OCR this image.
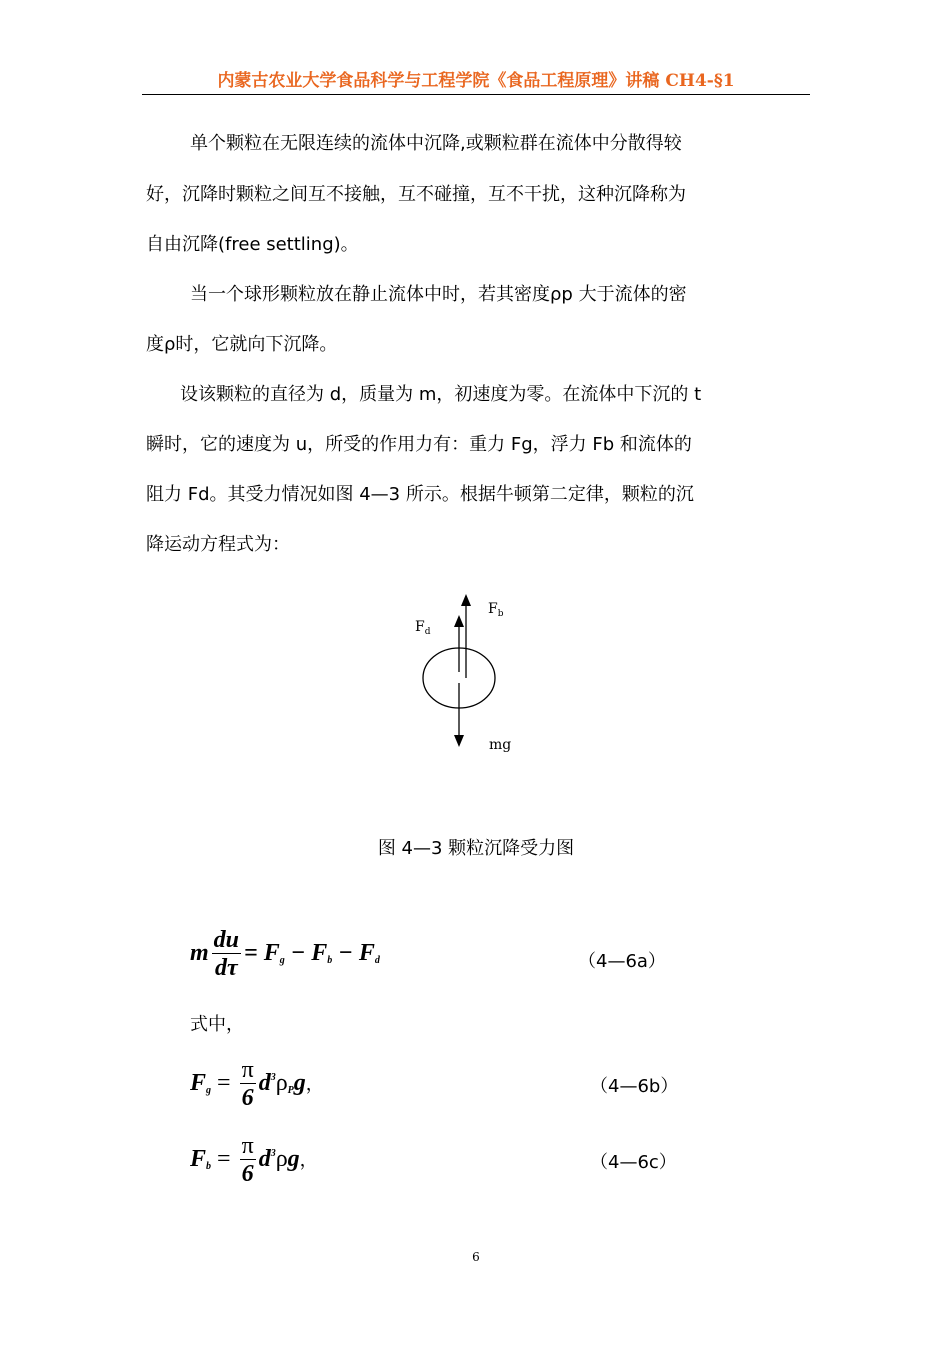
内蒙古农业大学食品科学与工程学院《食品工程原理》讲稿 CH4-§1
单个颗粒在无限连续的流体中沉降,或颗粒群在流体中分散得较
好，沉降时颗粒之间互不接触，互不碰撞，互不干扰，这种沉降称为
自由沉降(free settling)。
当一个球形颗粒放在静止流体中时，若其密度ρp 大于流体的密
度ρ时，它就向下沉降。
设该颗粒的直径为 d，质量为 m，初速度为零。在流体中下沉的 t
瞬时，它的速度为 u，所受的作用力有：重力 Fg，浮力 Fb 和流体的
阻力 Fd。其受力情况如图 4—3 所示。根据牛顿第二定律，颗粒的沉
降运动方程式为：
$F_b$
$F_d$
mg
图 4—3 颗粒沉降受力图
m $\frac{du}{d\tau} = F_g - F_b - F_d$	（4—6a）
式中，
$F_g = \frac{\pi}{6} d^3\rho_Pg$，	（4—6b）
$F_b = \frac{\pi}{6} d^3\rho g$，	（4—6c）
6
